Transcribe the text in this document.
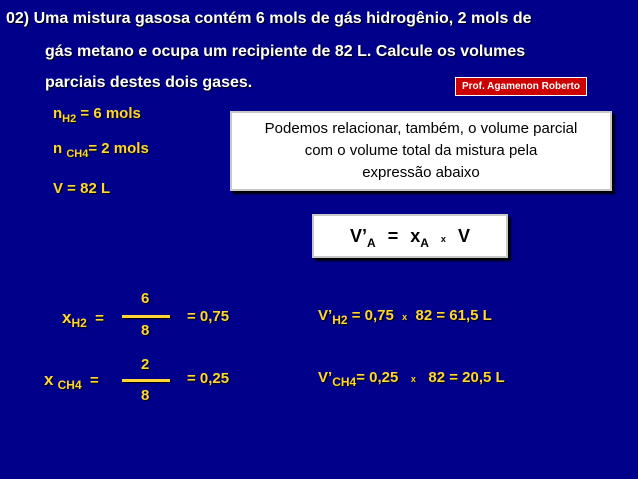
02) Uma mistura gasosa contém 6 mols de gás hidrogênio, 2 mols de
gás metano e ocupa um recipiente de 82 L. Calcule os volumes
parciais destes dois gases.	Prof. Agamenon Roberto
$n_{H2} = 6$ mols
n $_{CH4}$= 2 mols
V = 82 L
Podemos relacionar, também, o volume parcial
com o volume total da mistura pela
expressão abaixo
$V’_A = x_A$ x V
$x_{H2}$ =
6
8
= 0,75
x $_{CH4}$ =
2
8
= 0,25
$V’_{H2} = 0,75$ x 82 = 61,5 L
$V’_{CH4}= 0,25$ x 82 = 20,5 L
